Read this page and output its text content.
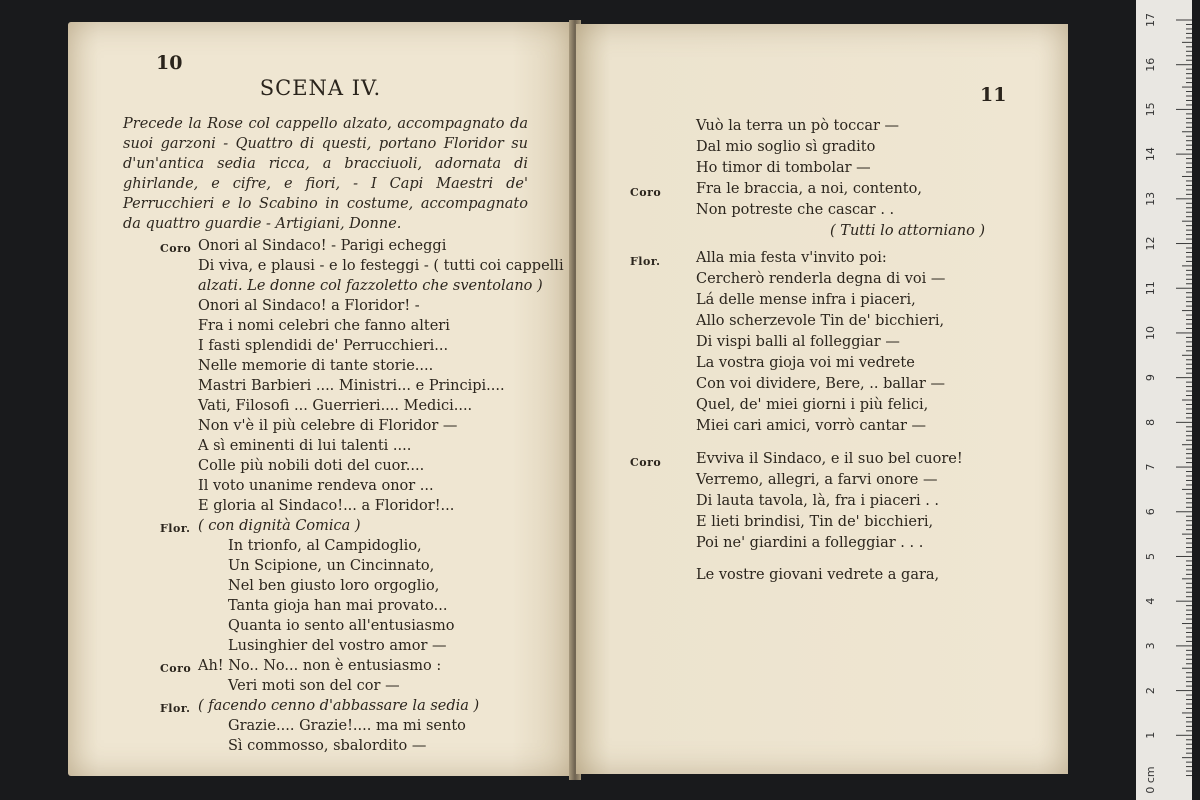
10

SCENA IV.

Precede la Rose col cappello alzato, accompagnato da suoi garzoni - Quattro di questi, portano Floridor su d'un'antica sedia ricca, a bracciuoli, adornata di ghirlande, e cifre, e fiori, - I Capi Maestri de' Perrucchieri e lo Scabino in costume, accompagnato da quattro guardie - Artigiani, Donne.

Coro Onori al Sindaco! - Parigi echeggi

Di viva, e plausi - e lo festeggi - ( tutti coi cappelli

alzati. Le donne col fazzoletto che sventolano )

Onori al Sindaco! a Floridor! -

Fra i nomi celebri che fanno alteri

I fasti splendidi de' Perrucchieri...

Nelle memorie di tante storie....

Mastri Barbieri .... Ministri... e Principi....

Vati, Filosofi ... Guerrieri.... Medici....

Non v'è il più celebre di Floridor —

A sì eminenti di lui talenti ....

Colle più nobili doti del cuor....

Il voto unanime rendeva onor ...

E gloria al Sindaco!... a Floridor!...

Flor. ( con dignità Comica )

In trionfo, al Campidoglio,

Un Scipione, un Cincinnato,

Nel ben giusto loro orgoglio,

Tanta gioja han mai provato...

Quanta io sento all'entusiasmo

Lusinghier del vostro amor —

Coro Ah! No.. No... non è entusiasmo :

Veri moti son del cor —

Flor. ( facendo cenno d'abbassare la sedia )

Grazie.... Grazie!.... ma mi sento

Sì commosso, sbalordito —

11

Vuò la terra un pò toccar —

Dal mio soglio sì gradito

Ho timor di tombolar —

Coro Fra le braccia, a noi, contento,

Non potreste che cascar . .

( Tutti lo attorniano )

Flor. Alla mia festa v'invito poi:

Cercherò renderla degna di voi —

Lá delle mense infra i piaceri,

Allo scherzevole Tin de' bicchieri,

Di vispi balli al folleggiar —

La vostra gioja voi mi vedrete

Con voi dividere, Bere, .. ballar —

Quel, de' miei giorni i più felici,

Miei cari amici, vorrò cantar —

Coro Evviva il Sindaco, e il suo bel cuore!

Verremo, allegri, a farvi onore —

Di lauta tavola, là, fra i piaceri . .

E lieti brindisi, Tin de' bicchieri,

Poi ne' giardini a folleggiar . . .

Le vostre giovani vedrete a gara,

17
16
15
14
13
12
11
10
9
8
7
6
5
4
3
2
1
0 cm
